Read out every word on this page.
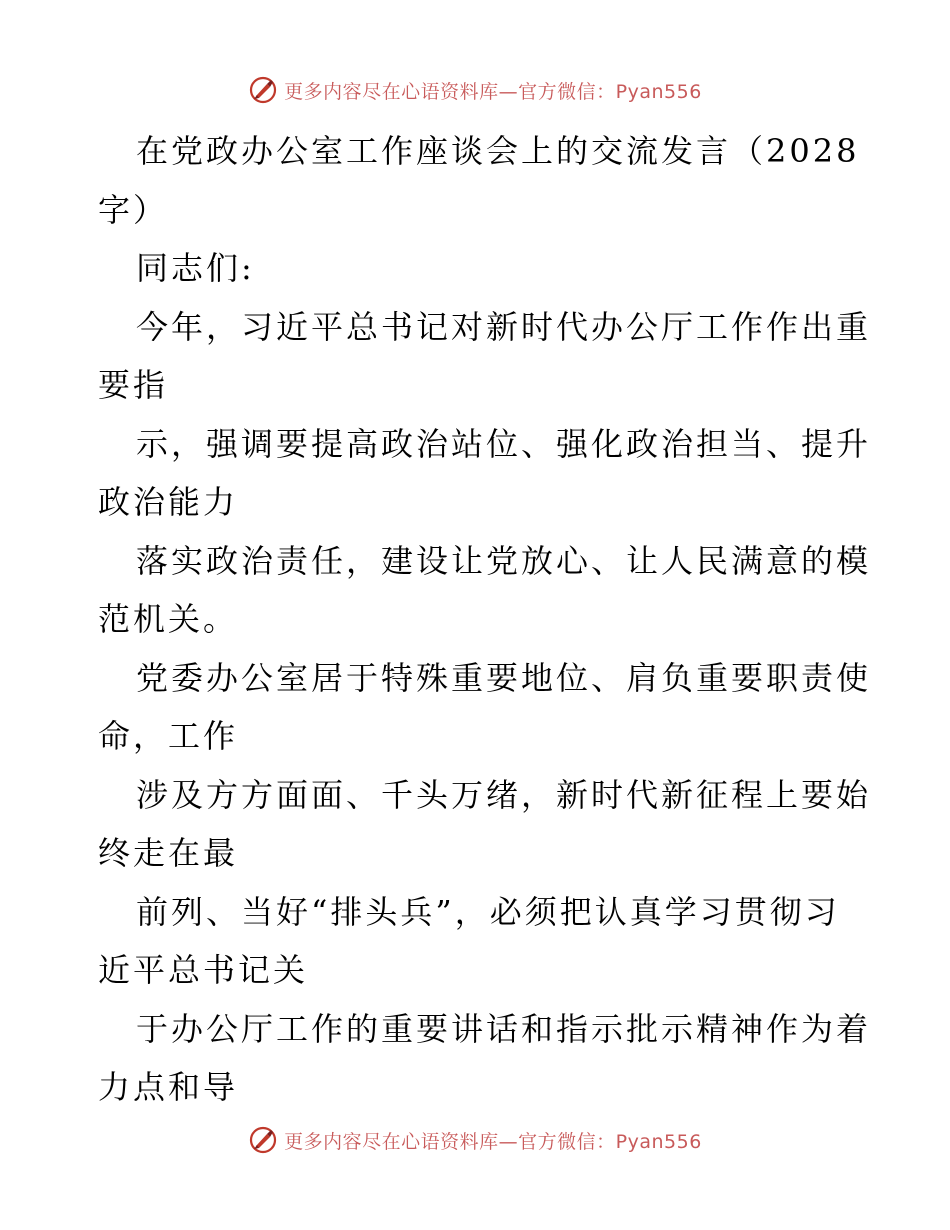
更多内容尽在心语资料库—官方微信：Pyan556
在党政办公室工作座谈会上的交流发言（2028
字）
同志们:
今年，习近平总书记对新时代办公厅工作作出重
要指
示，强调要提高政治站位、强化政治担当、提升
政治能力
落实政治责任，建设让党放心、让人民满意的模
范机关。
党委办公室居于特殊重要地位、肩负重要职责使
命，工作
涉及方方面面、千头万绪，新时代新征程上要始
终走在最
前列、当好“排头兵”，必须把认真学习贯彻习
近平总书记关
于办公厅工作的重要讲话和指示批示精神作为着
力点和导
更多内容尽在心语资料库—官方微信：Pyan556
